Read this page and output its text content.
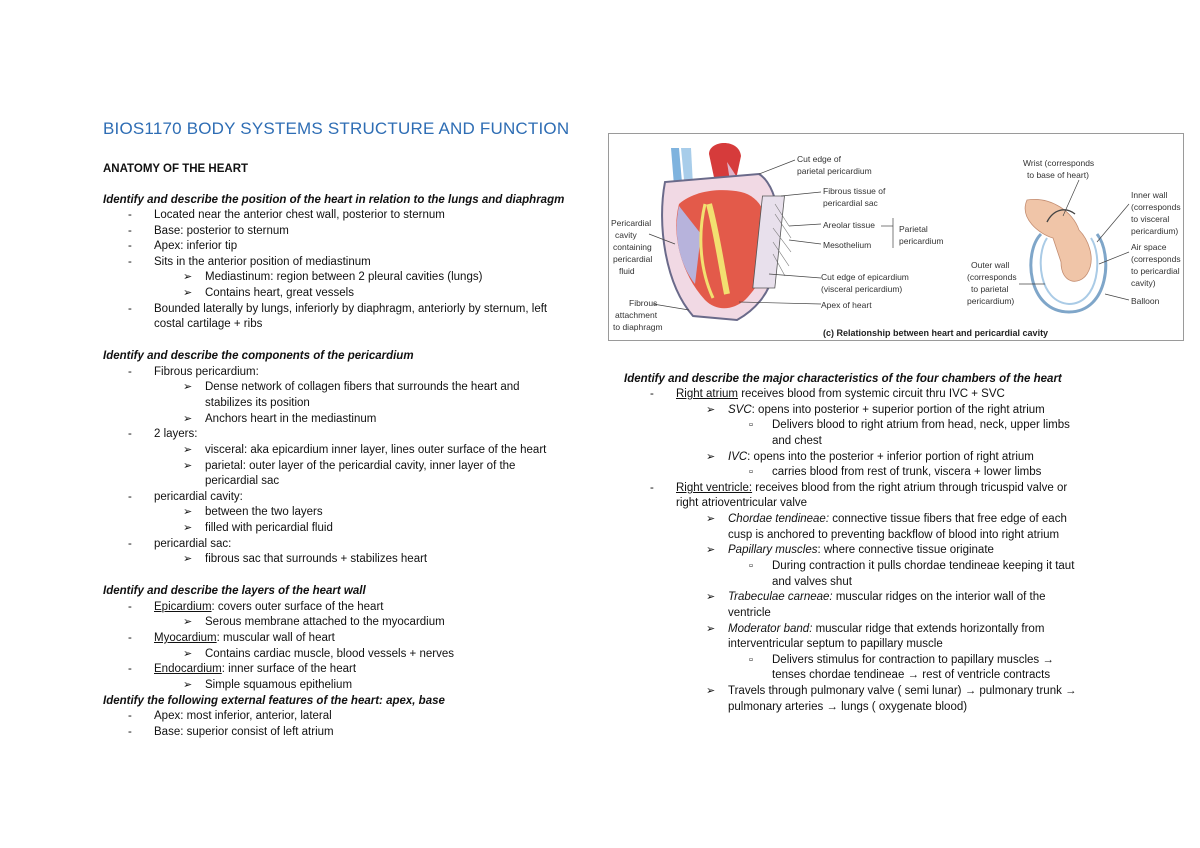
BIOS1170 BODY SYSTEMS STRUCTURE AND FUNCTION
ANATOMY OF THE HEART
Identify and describe the position of the heart in relation to the lungs and diaphragm
- Located near the anterior chest wall, posterior to sternum
- Base: posterior to sternum
- Apex: inferior tip
- Sits in the anterior position of mediastinum
➢ Mediastinum: region between 2 pleural cavities (lungs)
➢ Contains heart, great vessels
- Bounded laterally by lungs, inferiorly by diaphragm, anteriorly by sternum, left
costal cartilage + ribs
Identify and describe the components of the pericardium
- Fibrous pericardium:
➢ Dense network of collagen fibers that surrounds the heart and
stabilizes its position
➢ Anchors heart in the mediastinum
- 2 layers:
➢ visceral: aka epicardium inner layer, lines outer surface of the heart
➢ parietal: outer layer of the pericardial cavity, inner layer of the
pericardial sac
- pericardial cavity:
➢ between the two layers
➢ filled with pericardial fluid
- pericardial sac:
➢ fibrous sac that surrounds + stabilizes heart
Identify and describe the layers of the heart wall
- Epicardium: covers outer surface of the heart
➢ Serous membrane attached to the myocardium
- Myocardium: muscular wall of heart
➢ Contains cardiac muscle, blood vessels + nerves
- Endocardium: inner surface of the heart
➢ Simple squamous epithelium
Identify the following external features of the heart: apex, base
- Apex: most inferior, anterior, lateral
- Base: superior consist of left atrium
Pericardial
cavity
containing
pericardial
fluid
Fibrous
attachment
to diaphragm
Cut edge of
parietal pericardium
Fibrous tissue of
pericardial sac
Areolar tissue
Mesothelium
Parietal
pericardium
Cut edge of epicardium
(visceral pericardium)
Apex of heart
Wrist (corresponds
to base of heart)
Inner wall
(corresponds
to visceral
pericardium)
Air space
(corresponds
to pericardial
cavity)
Outer wall
(corresponds
to parietal
pericardium)	Balloon
(c) Relationship between heart and pericardial cavity
Identify and describe the major characteristics of the four chambers of the heart
- Right atrium receives blood from systemic circuit thru IVC + SVC
➢ SVC: opens into posterior + superior portion of the right atrium
▫ Delivers blood to right atrium from head, neck, upper limbs
and chest
➢ IVC: opens into the posterior + inferior portion of right atrium
▫ carries blood from rest of trunk, viscera + lower limbs
- Right ventricle: receives blood from the right atrium through tricuspid valve or
right atrioventricular valve
➢ Chordae tendineae: connective tissue fibers that free edge of each
cusp is anchored to preventing backflow of blood into right atrium
➢ Papillary muscles: where connective tissue originate
▫ During contraction it pulls chordae tendineae keeping it taut
and valves shut
➢ Trabeculae carneae: muscular ridges on the interior wall of the
ventricle
➢ Moderator band: muscular ridge that extends horizontally from
interventricular septum to papillary muscle
▫ Delivers stimulus for contraction to papillary muscles →
tenses chordae tendineae → rest of ventricle contracts
➢ Travels through pulmonary valve ( semi lunar) → pulmonary trunk →
pulmonary arteries → lungs ( oxygenate blood)
